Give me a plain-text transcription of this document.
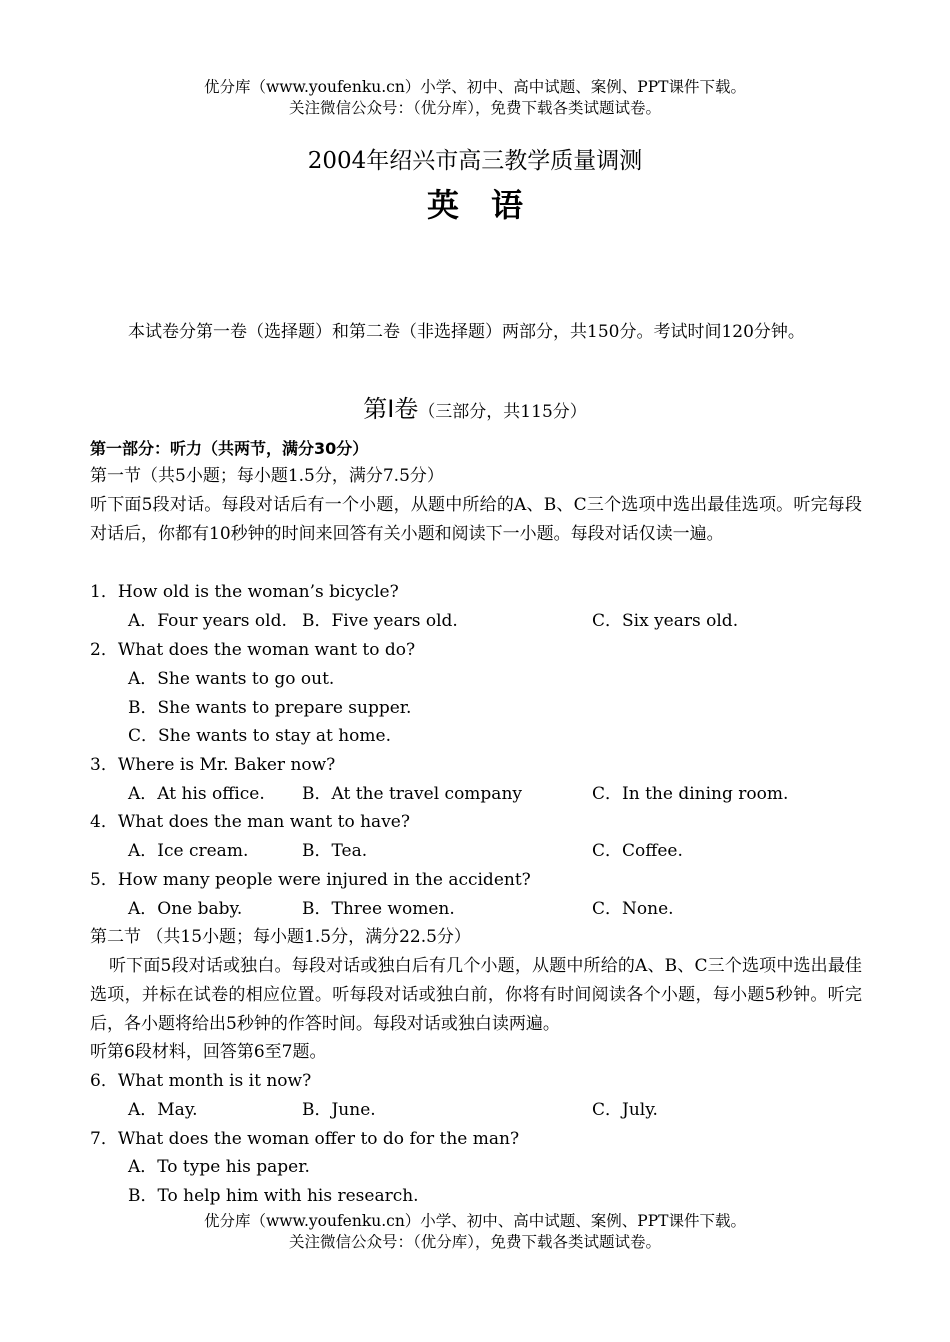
优分库（www.youfenku.cn）小学、初中、高中试题、案例、PPT课件下载。
关注微信公众号：（优分库），免费下载各类试题试卷。
2004年绍兴市高三教学质量调测
英　语
本试卷分第一卷（选择题）和第二卷（非选择题）两部分，共150分。考试时间120分钟。
第Ⅰ卷（三部分，共115分）
第一部分：听力（共两节，满分30分）
第一节（共5小题；每小题1.5分，满分7.5分）
听下面5段对话。每段对话后有一个小题，从题中所给的A、B、C三个选项中选出最佳选项。听完每段对话后，你都有10秒钟的时间来回答有关小题和阅读下一小题。每段对话仅读一遍。
1．How old is the woman’s bicycle?
A．Four years old. B．Five years old.	C．Six years old.
2．What does the woman want to do?
A．She wants to go out.
B．She wants to prepare supper.
C．She wants to stay at home.
3．Where is Mr. Baker now?
A．At his office. B．At the travel company	C．In the dining room.
4．What does the man want to have?
A．Ice cream.	B．Tea.	C．Coffee.
5．How many people were injured in the accident?
A．One baby.	B．Three women.	C．None.
第二节 （共15小题；每小题1.5分，满分22.5分）
听下面5段对话或独白。每段对话或独白后有几个小题，从题中所给的A、B、C三个选项中选出最佳选项，并标在试卷的相应位置。听每段对话或独白前，你将有时间阅读各个小题，每小题5秒钟。听完后，各小题将给出5秒钟的作答时间。每段对话或独白读两遍。
听第6段材料，回答第6至7题。
6．What month is it now?
A．May.	B．June.	C．July.
7．What does the woman offer to do for the man?
A．To type his paper.
B．To help him with his research.
优分库（www.youfenku.cn）小学、初中、高中试题、案例、PPT课件下载。
关注微信公众号：（优分库），免费下载各类试题试卷。
